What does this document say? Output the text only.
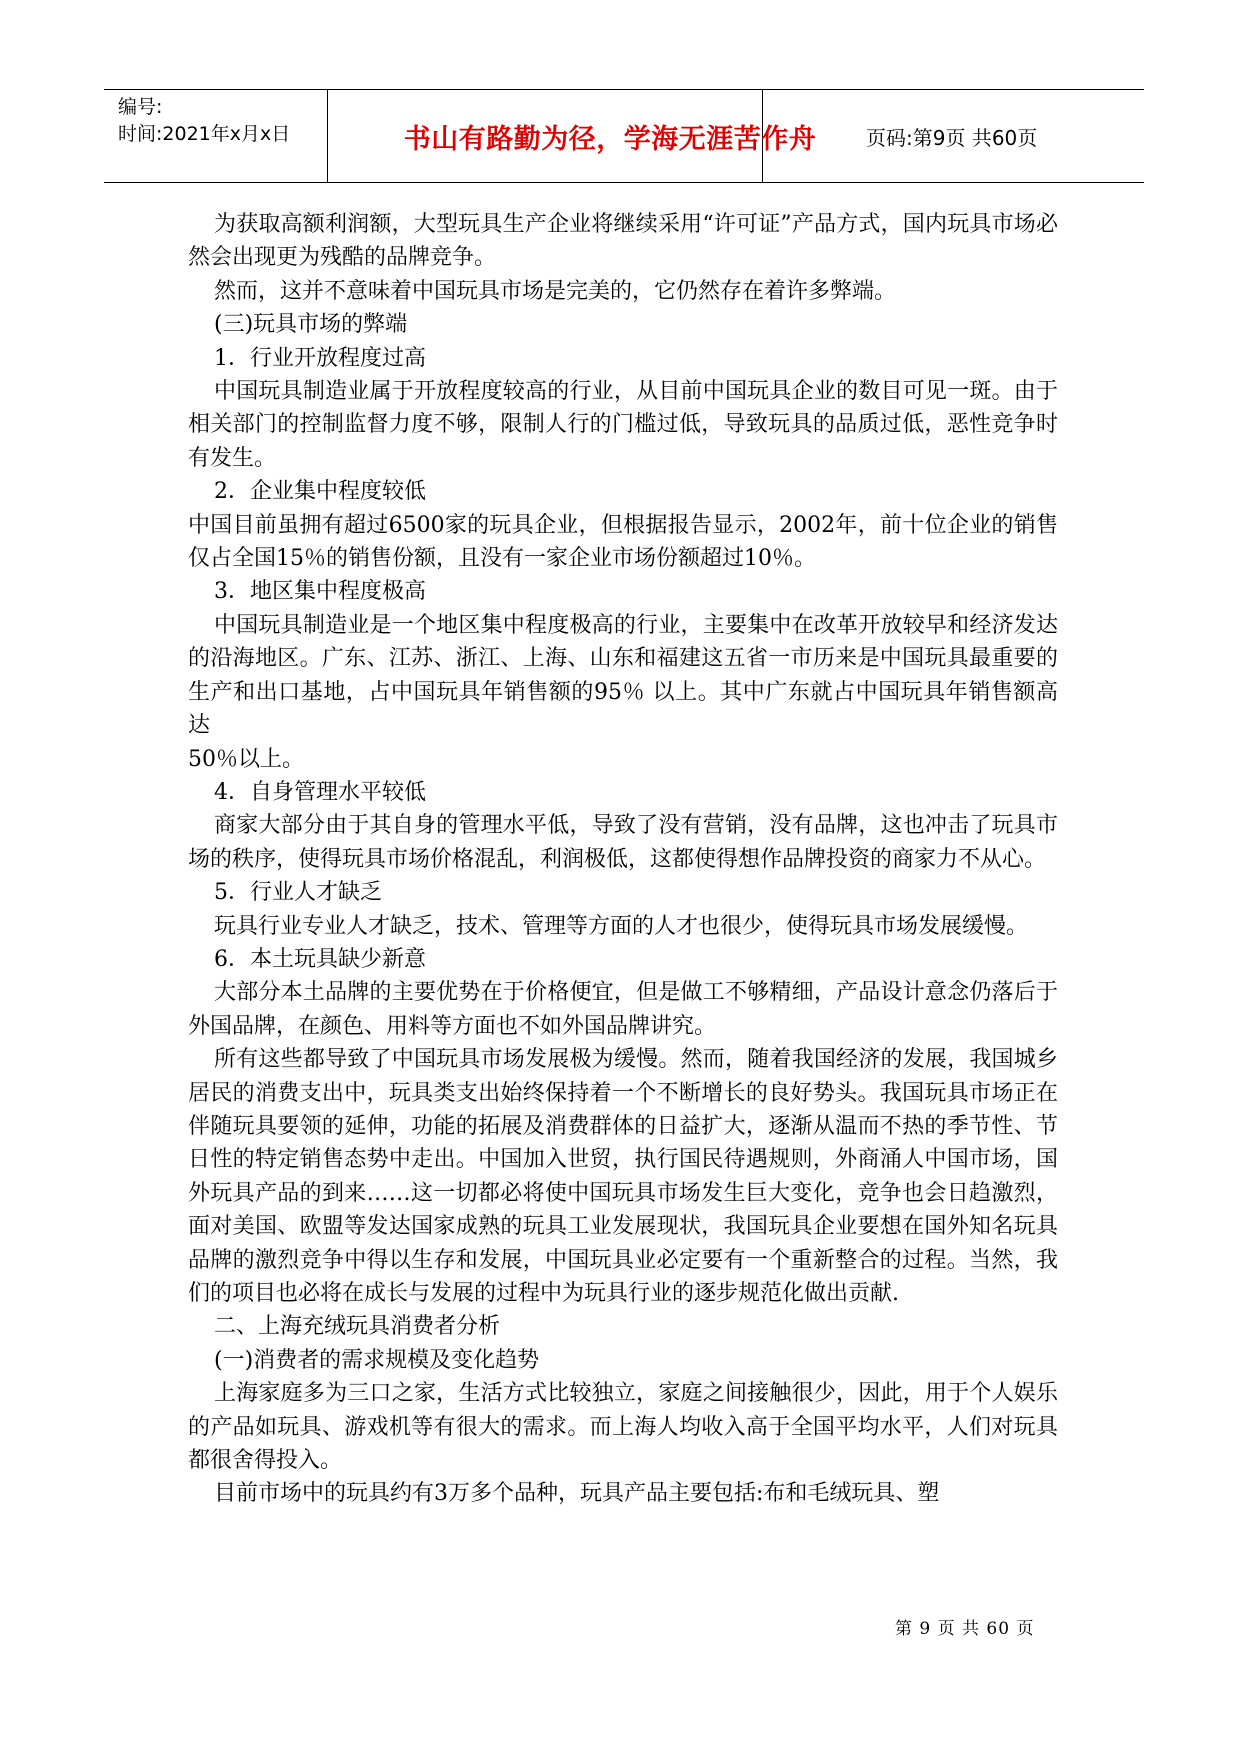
编号:
时间:2021年x月x日	书山有路勤为径，学海无涯苦作舟	页码:第9页 共60页

为获取高额利润额，大型玩具生产企业将继续采用“许可证”产品方式，国内玩具市场必然会出现更为残酷的品牌竞争。

然而，这并不意味着中国玩具市场是完美的，它仍然存在着许多弊端。

(三)玩具市场的弊端

1．行业开放程度过高

中国玩具制造业属于开放程度较高的行业，从目前中国玩具企业的数目可见一斑。由于相关部门的控制监督力度不够，限制人行的门槛过低，导致玩具的品质过低，恶性竞争时有发生。

2．企业集中程度较低

中国目前虽拥有超过6500家的玩具企业，但根据报告显示，2002年，前十位企业的销售仅占全国15％的销售份额，且没有一家企业市场份额超过10％。

3．地区集中程度极高

中国玩具制造业是一个地区集中程度极高的行业，主要集中在改革开放较早和经济发达的沿海地区。广东、江苏、浙江、上海、山东和福建这五省一市历来是中国玩具最重要的生产和出口基地，占中国玩具年销售额的95％ 以上。其中广东就占中国玩具年销售额高达

50％以上。

4．自身管理水平较低

商家大部分由于其自身的管理水平低，导致了没有营销，没有品牌，这也冲击了玩具市场的秩序，使得玩具市场价格混乱，利润极低，这都使得想作品牌投资的商家力不从心。

5．行业人才缺乏

玩具行业专业人才缺乏，技术、管理等方面的人才也很少，使得玩具市场发展缓慢。

6．本土玩具缺少新意

大部分本土品牌的主要优势在于价格便宜，但是做工不够精细，产品设计意念仍落后于外国品牌，在颜色、用料等方面也不如外国品牌讲究。

所有这些都导致了中国玩具市场发展极为缓慢。然而，随着我国经济的发展，我国城乡居民的消费支出中，玩具类支出始终保持着一个不断增长的良好势头。我国玩具市场正在伴随玩具要领的延伸，功能的拓展及消费群体的日益扩大，逐渐从温而不热的季节性、节日性的特定销售态势中走出。中国加入世贸，执行国民待遇规则，外商涌人中国市场，国外玩具产品的到来……这一切都必将使中国玩具市场发生巨大变化，竞争也会日趋激烈，面对美国、欧盟等发达国家成熟的玩具工业发展现状，我国玩具企业要想在国外知名玩具品牌的激烈竞争中得以生存和发展，中国玩具业必定要有一个重新整合的过程。当然，我们的项目也必将在成长与发展的过程中为玩具行业的逐步规范化做出贡献.

二、上海充绒玩具消费者分析

(一)消费者的需求规模及变化趋势

上海家庭多为三口之家，生活方式比较独立，家庭之间接触很少，因此，用于个人娱乐的产品如玩具、游戏机等有很大的需求。而上海人均收入高于全国平均水平，人们对玩具都很舍得投入。

目前市场中的玩具约有3万多个品种，玩具产品主要包括:布和毛绒玩具、塑

第 9 页 共 60 页
